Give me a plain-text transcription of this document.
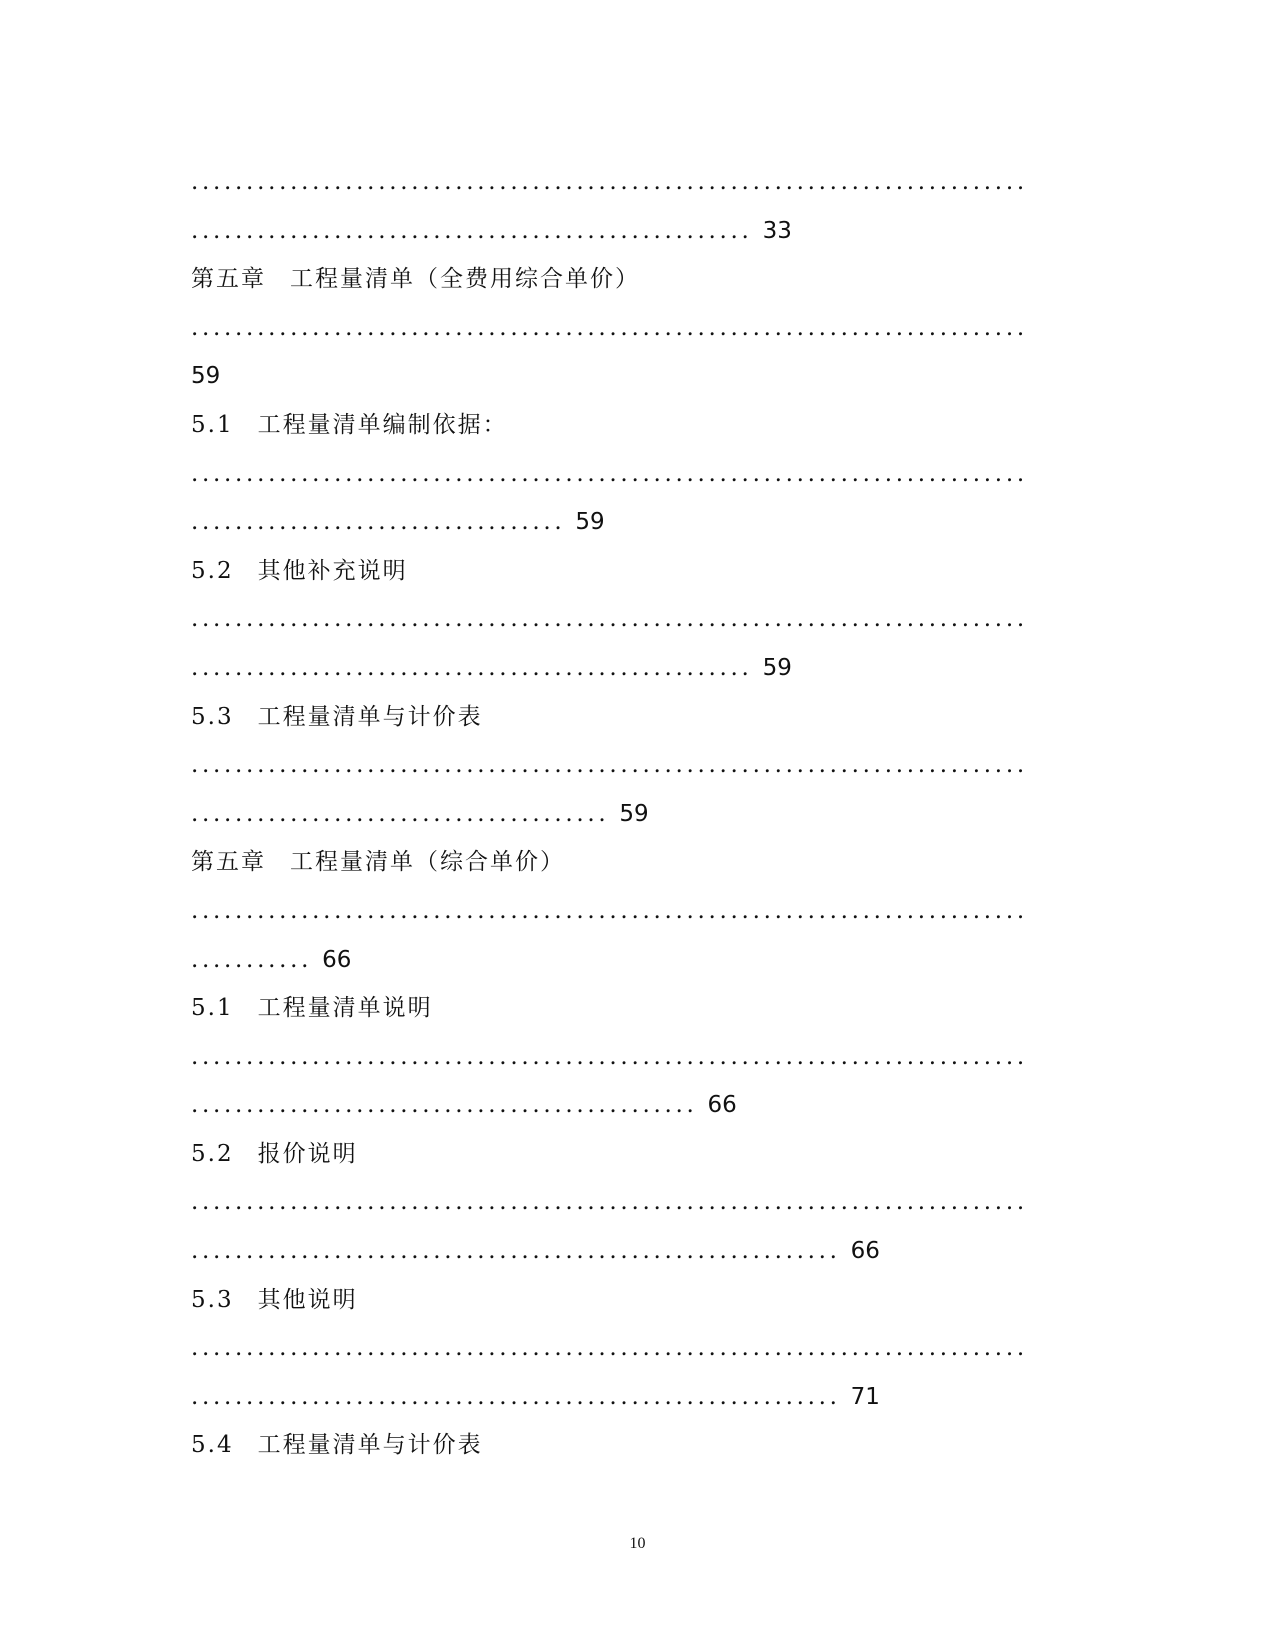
............................................................................
................................................... 33
第五章 工程量清单（全费用综合单价）
............................................................................
59
5.1 工程量清单编制依据：
............................................................................
.................................. 59
5.2 其他补充说明
............................................................................
................................................... 59
5.3 工程量清单与计价表
............................................................................
...................................... 59
第五章 工程量清单（综合单价）
............................................................................
........... 66
5.1 工程量清单说明
............................................................................
.............................................. 66
5.2 报价说明
............................................................................
........................................................... 66
5.3 其他说明
............................................................................
........................................................... 71
5.4 工程量清单与计价表
10
